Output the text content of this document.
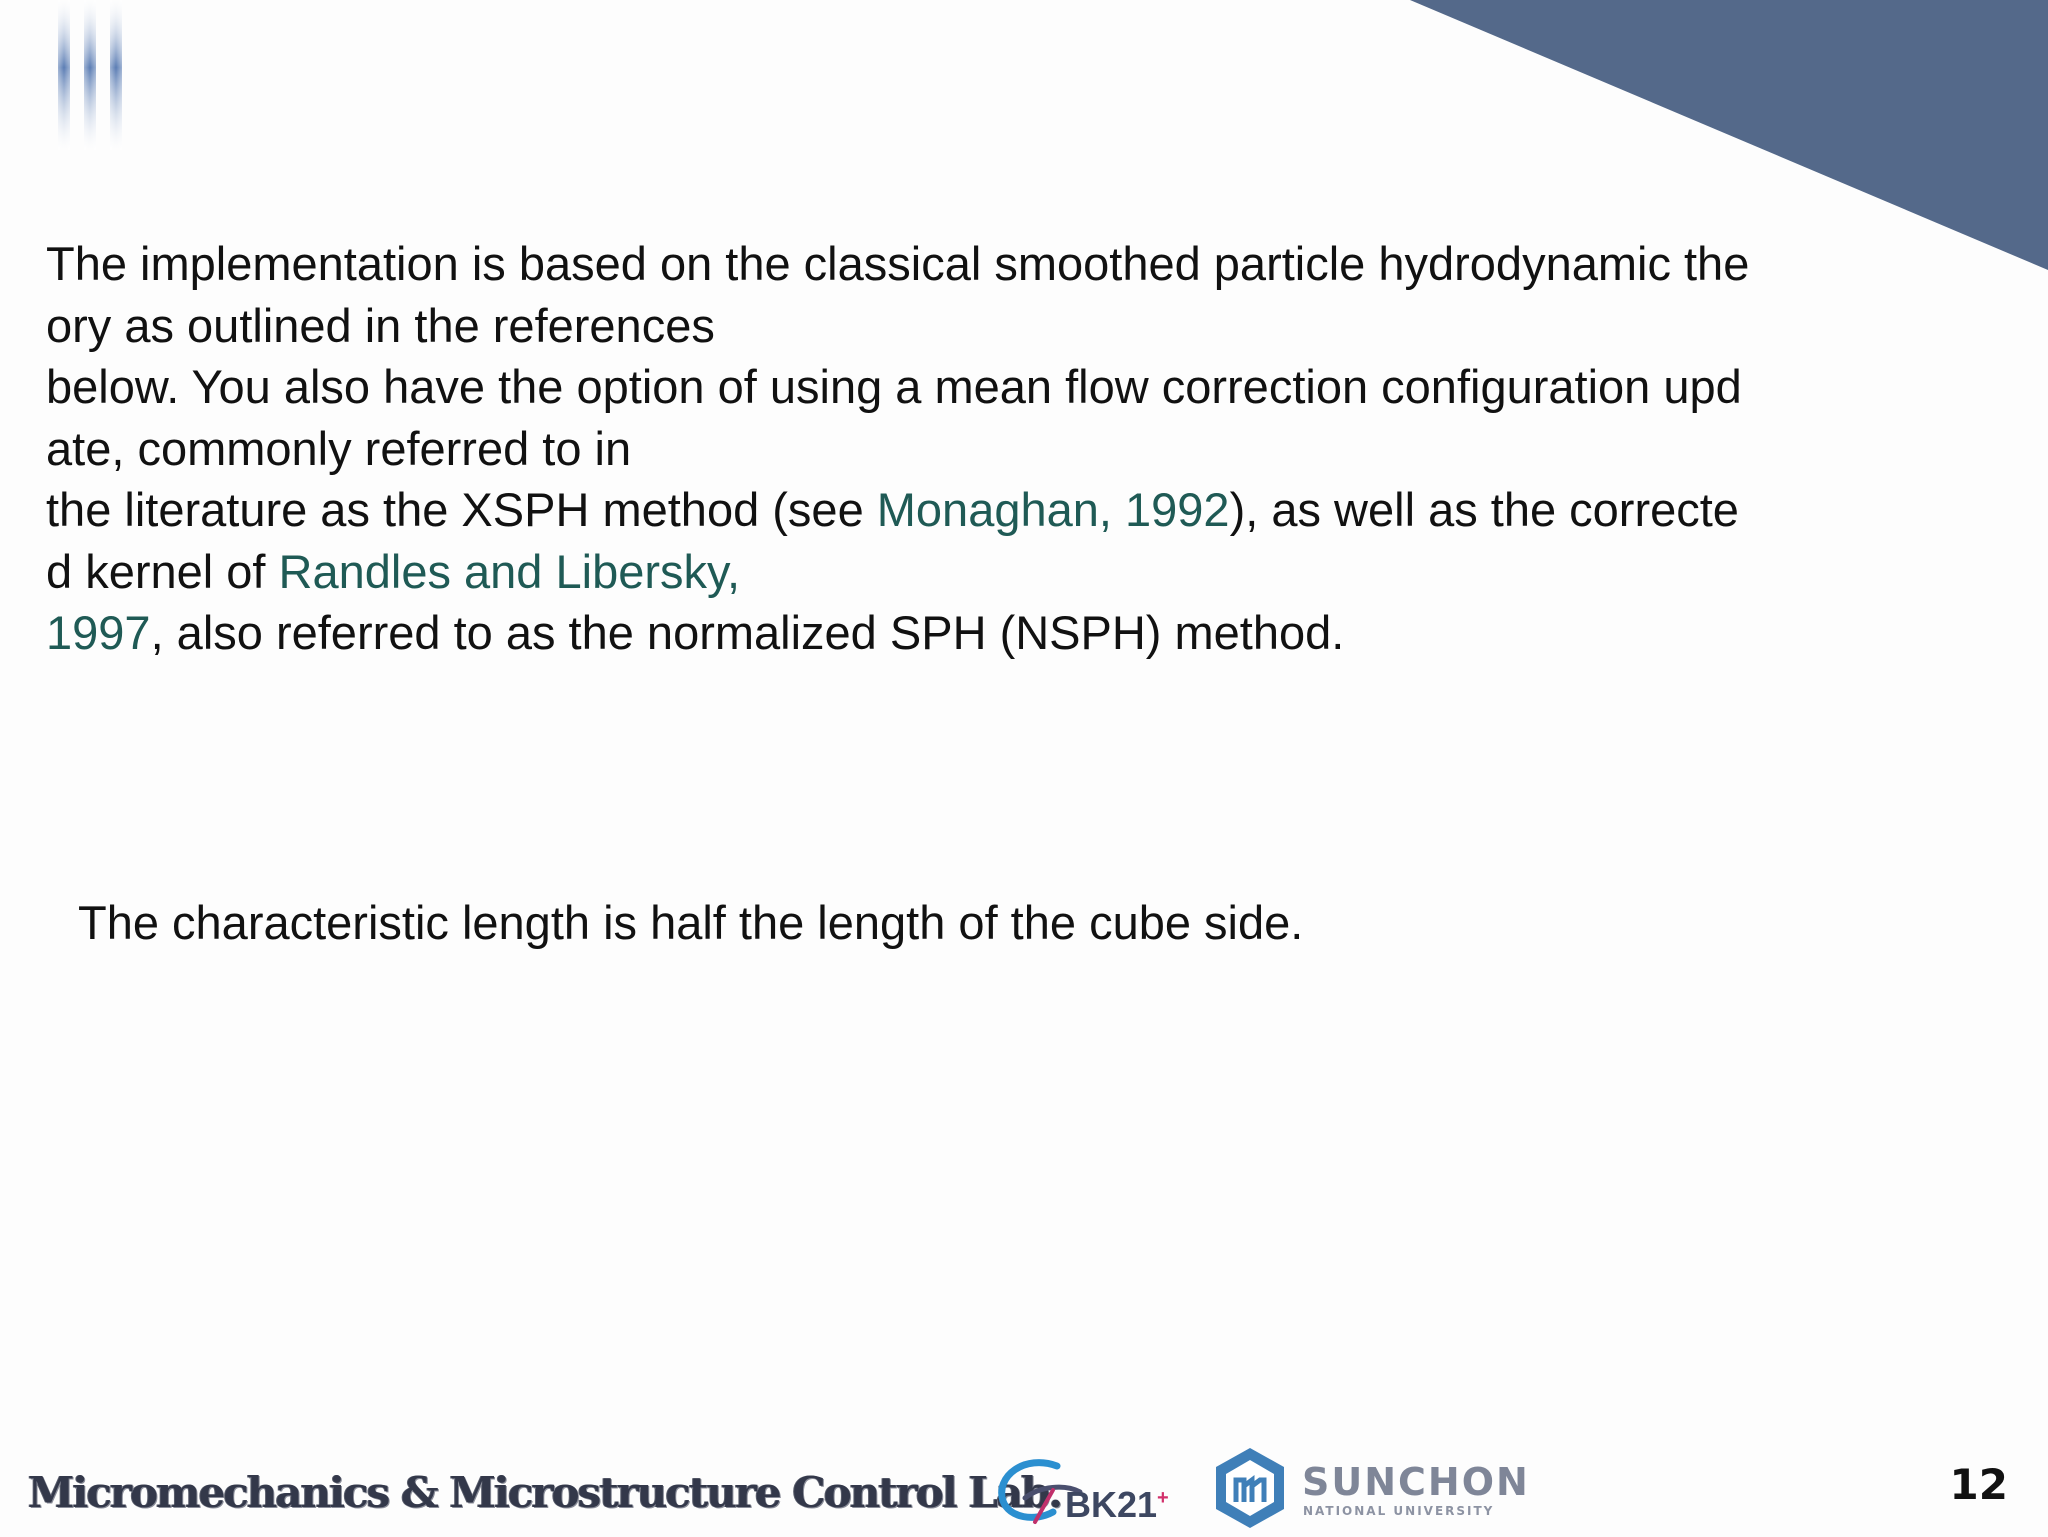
The implementation is based on the classical smoothed particle hydrodynamic the
ory as outlined in the references
below. You also have the option of using a mean flow correction configuration upd
ate, commonly referred to in
the literature as the XSPH method (see Monaghan, 1992), as well as the correcte
d kernel of Randles and Libersky,
1997, also referred to as the normalized SPH (NSPH) method.
The characteristic length is half the length of the cube side.
Micromechanics & Microstructure Control Lab. BK21+	SUNCHON
NATIONAL UNIVERSITY
12
